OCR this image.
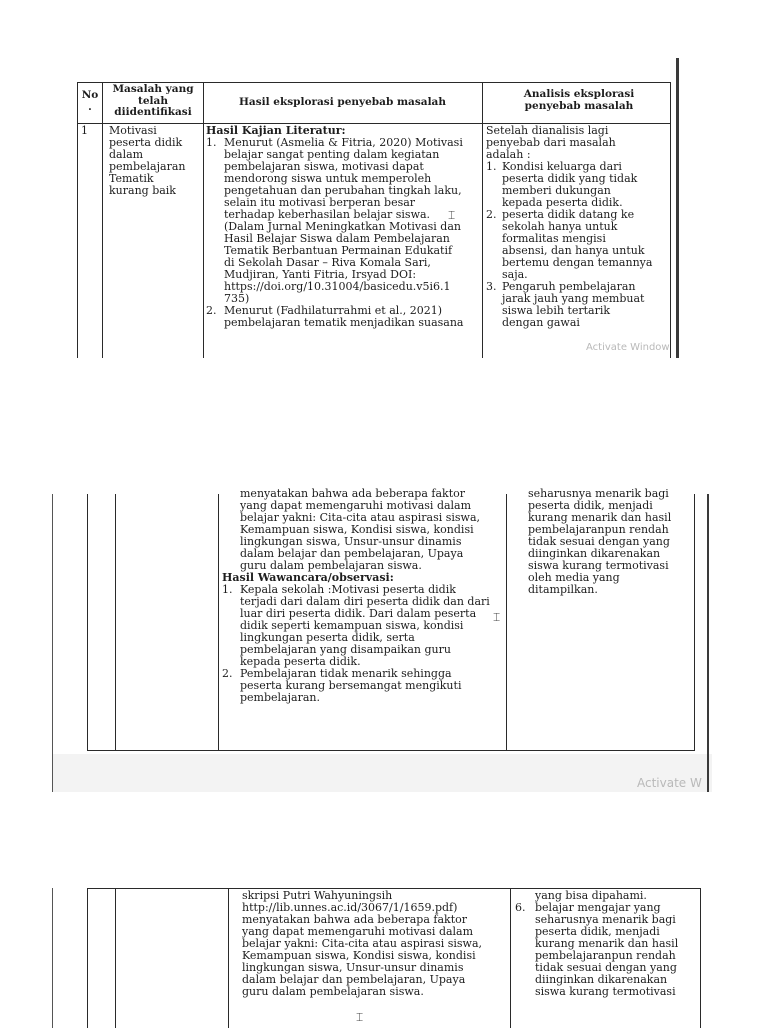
No .
Masalah yang telah diidentifikasi
Hasil eksplorasi penyebab masalah
Analisis eksplorasi penyebab masalah
1 Motivasi
peserta didik
dalam
pembelajaran
Tematik
kurang baik
Hasil Kajian Literatur:
1. Menurut (Asmelia & Fitria, 2020) Motivasi
belajar sangat penting dalam kegiatan
pembelajaran siswa, motivasi dapat
mendorong siswa untuk memperoleh
pengetahuan dan perubahan tingkah laku,
selain itu motivasi berperan besar
terhadap keberhasilan belajar siswa.
(Dalam Jurnal Meningkatkan Motivasi dan
Hasil Belajar Siswa dalam Pembelajaran
Tematik Berbantuan Permainan Edukatif
di Sekolah Dasar – Riva Komala Sari,
Mudjiran, Yanti Fitria, Irsyad DOI:
https://doi.org/10.31004/basicedu.v5i6.1
735)
2. Menurut (Fadhilaturrahmi et al., 2021)
pembelajaran tematik menjadikan suasana
Setelah dianalisis lagi
penyebab dari masalah
adalah :
1. Kondisi keluarga dari
peserta didik yang tidak
memberi dukungan
kepada peserta didik.
2. peserta didik datang ke
sekolah hanya untuk
formalitas mengisi
absensi, dan hanya untuk
bertemu dengan temannya
saja.
3. Pengaruh pembelajaran
jarak jauh yang membuat
siswa lebih tertarik
dengan gawai
Activate Window
⌶
menyatakan bahwa ada beberapa faktor
yang dapat memengaruhi motivasi dalam
belajar yakni: Cita-cita atau aspirasi siswa,
Kemampuan siswa, Kondisi siswa, kondisi
lingkungan siswa, Unsur-unsur dinamis
dalam belajar dan pembelajaran, Upaya
guru dalam pembelajaran siswa.
Hasil Wawancara/observasi:
1. Kepala sekolah :Motivasi peserta didik
terjadi dari dalam diri peserta didik dan dari
luar diri peserta didik. Dari dalam peserta
didik seperti kemampuan siswa, kondisi
lingkungan peserta didik, serta
pembelajaran yang disampaikan guru
kepada peserta didik.
2. Pembelajaran tidak menarik sehingga
peserta kurang bersemangat mengikuti
pembelajaran.
seharusnya menarik bagi
peserta didik, menjadi
kurang menarik dan hasil
pembelajaranpun rendah
tidak sesuai dengan yang
diinginkan dikarenakan
siswa kurang termotivasi
oleh media yang
ditampilkan.
Activate W
⌶
skripsi Putri Wahyuningsih
http://lib.unnes.ac.id/3067/1/1659.pdf)
menyatakan bahwa ada beberapa faktor
yang dapat memengaruhi motivasi dalam
belajar yakni: Cita-cita atau aspirasi siswa,
Kemampuan siswa, Kondisi siswa, kondisi
lingkungan siswa, Unsur-unsur dinamis
dalam belajar dan pembelajaran, Upaya
guru dalam pembelajaran siswa.
yang bisa dipahami.
6. belajar mengajar yang
seharusnya menarik bagi
peserta didik, menjadi
kurang menarik dan hasil
pembelajaranpun rendah
tidak sesuai dengan yang
diinginkan dikarenakan
siswa kurang termotivasi
⌶
